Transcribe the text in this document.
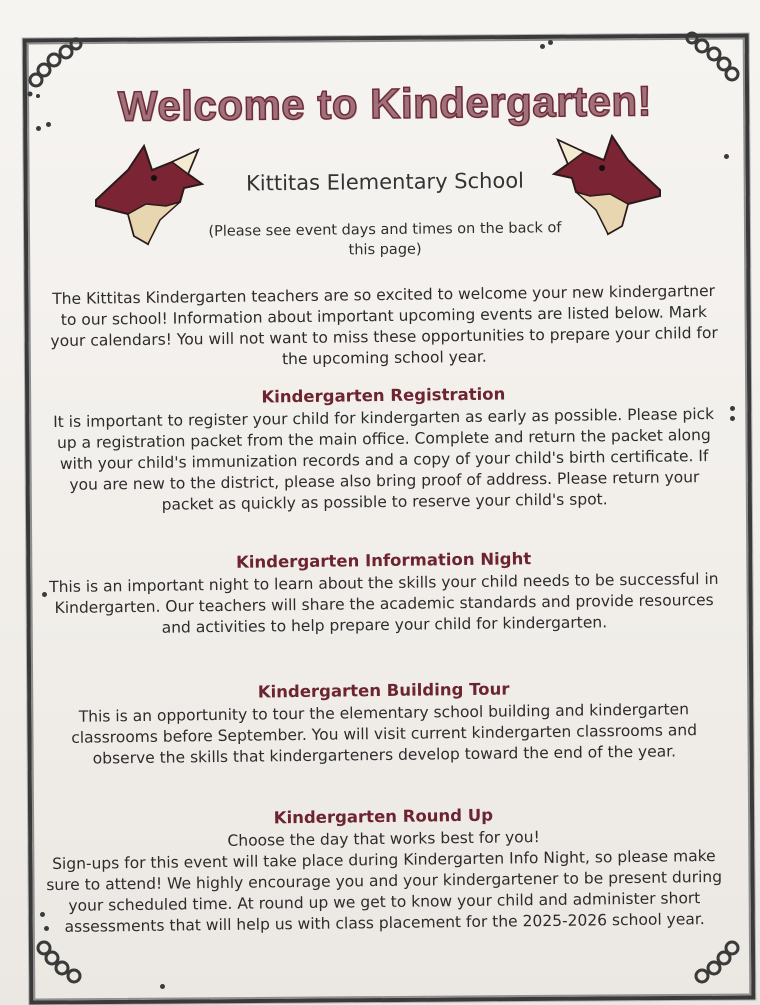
Welcome to Kindergarten!
Kittitas Elementary School
(Please see event days and times on the back of this page)
The Kittitas Kindergarten teachers are so excited to welcome your new kindergartner to our school! Information about important upcoming events are listed below. Mark your calendars! You will not want to miss these opportunities to prepare your child for the upcoming school year.
Kindergarten Registration

It is important to register your child for kindergarten as early as possible. Please pick up a registration packet from the main office. Complete and return the packet along with your child's immunization records and a copy of your child's birth certificate. If you are new to the district, please also bring proof of address. Please return your packet as quickly as possible to reserve your child's spot.

Kindergarten Information Night

This is an important night to learn about the skills your child needs to be successful in Kindergarten. Our teachers will share the academic standards and provide resources and activities to help prepare your child for kindergarten.

Kindergarten Building Tour

This is an opportunity to tour the elementary school building and kindergarten classrooms before September. You will visit current kindergarten classrooms and observe the skills that kindergarteners develop toward the end of the year.

Kindergarten Round Up

Choose the day that works best for you!
Sign-ups for this event will take place during Kindergarten Info Night, so please make sure to attend! We highly encourage you and your kindergartener to be present during your scheduled time. At round up we get to know your child and administer short assessments that will help us with class placement for the 2025-2026 school year.
